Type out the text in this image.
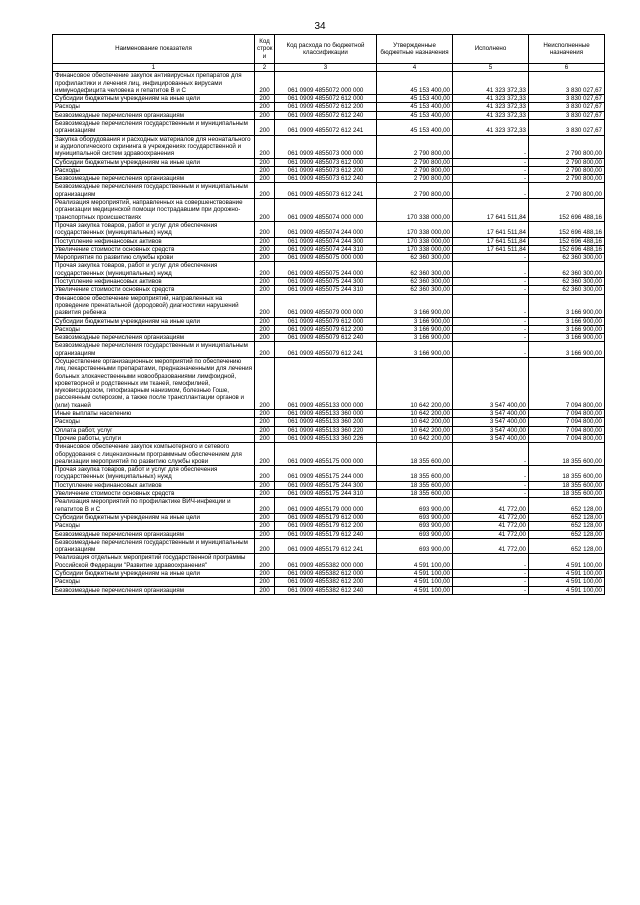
34
Наименование показателя	Код строк и	Код расхода по бюджетной классификации	Утвержденные бюджетные назначения	Исполнено	Неисполненные назначения
1	2	3	4	5	6
Финансовое обеспечение закупок антивирусных препаратов для профилактики и лечения лиц, инфицированных вирусами иммунодефицита человека и гепатитов B и C	200	061 0909 4855072 000 000	45 153 400,00	41 323 372,33	3 830 027,67
Субсидии бюджетным учреждениям на иные цели	200	061 0909 4855072 612 000	45 153 400,00	41 323 372,33	3 830 027,67
Расходы	200	061 0909 4855072 612 200	45 153 400,00	41 323 372,33	3 830 027,67
Безвозмездные перечисления организациям	200	061 0909 4855072 612 240	45 153 400,00	41 323 372,33	3 830 027,67
Безвозмездные перечисления государственным и муниципальным организациям	200	061 0909 4855072 612 241	45 153 400,00	41 323 372,33	3 830 027,67
Закупка оборудования и расходных материалов для неонатального и аудиологического скрининга в учреждениях государственной и муниципальной систем здравоохранения	200	061 0909 4855073 000 000	2 790 800,00	-	2 790 800,00
Субсидии бюджетным учреждениям на иные цели	200	061 0909 4855073 612 000	2 790 800,00	-	2 790 800,00
Расходы	200	061 0909 4855073 612 200	2 790 800,00	-	2 790 800,00
Безвозмездные перечисления организациям	200	061 0909 4855073 612 240	2 790 800,00	-	2 790 800,00
Безвозмездные перечисления государственным и муниципальным организациям	200	061 0909 4855073 612 241	2 790 800,00	-	2 790 800,00
Реализация мероприятий, направленных на совершенствование организации медицинской помощи пострадавшим при дорожно-транспортных происшествиях	200	061 0909 4855074 000 000	170 338 000,00	17 641 511,84	152 696 488,16
Прочая закупка товаров, работ и услуг для обеспечения государственных (муниципальных) нужд	200	061 0909 4855074 244 000	170 338 000,00	17 641 511,84	152 696 488,16
Поступление нефинансовых активов	200	061 0909 4855074 244 300	170 338 000,00	17 641 511,84	152 696 488,16
Увеличение стоимости основных средств	200	061 0909 4855074 244 310	170 338 000,00	17 641 511,84	152 696 488,16
Мероприятия по развитию службы крови	200	061 0909 4855075 000 000	62 360 300,00	-	62 360 300,00
Прочая закупка товаров, работ и услуг для обеспечения государственных (муниципальных) нужд	200	061 0909 4855075 244 000	62 360 300,00	-	62 360 300,00
Поступление нефинансовых активов	200	061 0909 4855075 244 300	62 360 300,00	-	62 360 300,00
Увеличение стоимости основных средств	200	061 0909 4855075 244 310	62 360 300,00	-	62 360 300,00
Финансовое обеспечение мероприятий, направленных на проведение пренатальной (дородовой) диагностики нарушений развития ребенка	200	061 0909 4855079 000 000	3 166 900,00	-	3 166 900,00
Субсидии бюджетным учреждениям на иные цели	200	061 0909 4855079 612 000	3 166 900,00	-	3 166 900,00
Расходы	200	061 0909 4855079 612 200	3 166 900,00	-	3 166 900,00
Безвозмездные перечисления организациям	200	061 0909 4855079 612 240	3 166 900,00	-	3 166 900,00
Безвозмездные перечисления государственным и муниципальным организациям	200	061 0909 4855079 612 241	3 166 900,00	-	3 166 900,00
Осуществление организационных мероприятий по обеспечению лиц лекарственными препаратами, предназначенными для лечения больных злокачественными новообразованиями лимфоидной, кроветворной и родственных им тканей, гемофилией, муковисцидозом, гипофизарным нанизмом, болезнью Гоше, рассеянным склерозом, а также после трансплантации органов и (или) тканей	200	061 0909 4855133 000 000	10 642 200,00	3 547 400,00	7 094 800,00
Иные выплаты населению	200	061 0909 4855133 360 000	10 642 200,00	3 547 400,00	7 094 800,00
Расходы	200	061 0909 4855133 360 200	10 642 200,00	3 547 400,00	7 094 800,00
Оплата работ, услуг	200	061 0909 4855133 360 220	10 642 200,00	3 547 400,00	7 094 800,00
Прочие работы, услуги	200	061 0909 4855133 360 226	10 642 200,00	3 547 400,00	7 094 800,00
Финансовое обеспечение закупок компьютерного и сетевого оборудования с лицензионным программным обеспечением для реализации мероприятий по развитию службы крови	200	061 0909 4855175 000 000	18 355 600,00	-	18 355 600,00
Прочая закупка товаров, работ и услуг для обеспечения государственных (муниципальных) нужд	200	061 0909 4855175 244 000	18 355 600,00	-	18 355 600,00
Поступление нефинансовых активов	200	061 0909 4855175 244 300	18 355 600,00	-	18 355 600,00
Увеличение стоимости основных средств	200	061 0909 4855175 244 310	18 355 600,00	-	18 355 600,00
Реализация мероприятий по профилактике ВИЧ-инфекции и гепатитов B и C	200	061 0909 4855179 000 000	693 900,00	41 772,00	652 128,00
Субсидии бюджетным учреждениям на иные цели	200	061 0909 4855179 612 000	693 900,00	41 772,00	652 128,00
Расходы	200	061 0909 4855179 612 200	693 900,00	41 772,00	652 128,00
Безвозмездные перечисления организациям	200	061 0909 4855179 612 240	693 900,00	41 772,00	652 128,00
Безвозмездные перечисления государственным и муниципальным организациям	200	061 0909 4855179 612 241	693 900,00	41 772,00	652 128,00
Реализация отдельных мероприятий государственной программы Российской Федерации "Развитие здравоохранения"	200	061 0909 4855382 000 000	4 591 100,00	-	4 591 100,00
Субсидии бюджетным учреждениям на иные цели	200	061 0909 4855382 612 000	4 591 100,00	-	4 591 100,00
Расходы	200	061 0909 4855382 612 200	4 591 100,00	-	4 591 100,00
Безвозмездные перечисления организациям	200	061 0909 4855382 612 240	4 591 100,00	-	4 591 100,00
